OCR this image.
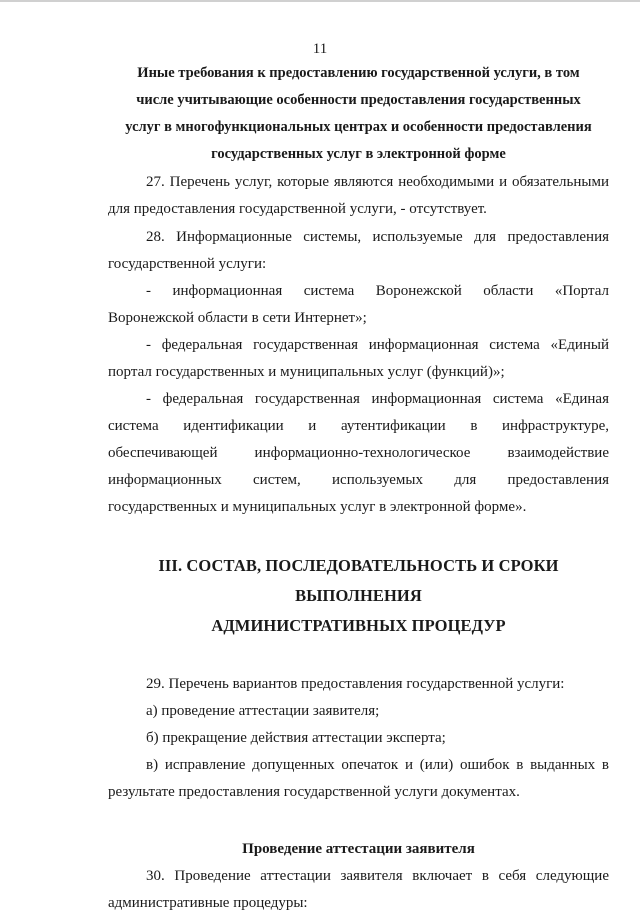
11

Иные требования к предоставлению государственной услуги, в том

числе учитывающие особенности предоставления государственных

услуг в многофункциональных центрах и особенности предоставления

государственных услуг в электронной форме

27. Перечень услуг, которые являются необходимыми и обязательными для предоставления государственной услуги, - отсутствует.

28. Информационные системы, используемые для предоставления государственной услуги:

- информационная система Воронежской области «Портал Воронежской области в сети Интернет»;

- федеральная государственная информационная система «Единый портал государственных и муниципальных услуг (функций)»;

- федеральная государственная информационная система «Единая система идентификации и аутентификации в инфраструктуре, обеспечивающей информационно-технологическое взаимодействие информационных систем, используемых для предоставления государственных и муниципальных услуг в электронной форме».

III. СОСТАВ, ПОСЛЕДОВАТЕЛЬНОСТЬ И СРОКИ ВЫПОЛНЕНИЯ

АДМИНИСТРАТИВНЫХ ПРОЦЕДУР

29. Перечень вариантов предоставления государственной услуги:

а) проведение аттестации заявителя;

б) прекращение действия аттестации эксперта;

в) исправление допущенных опечаток и (или) ошибок в выданных в результате предоставления государственной услуги документах.

Проведение аттестации заявителя

30. Проведение аттестации заявителя включает в себя следующие административные процедуры:
